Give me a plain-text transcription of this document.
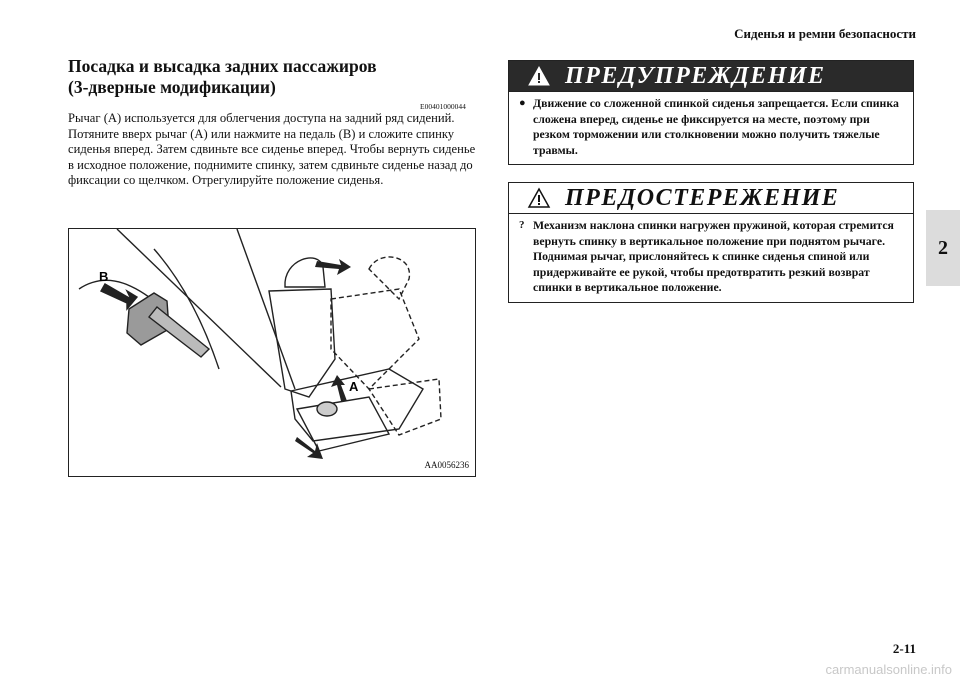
Сиденья и ремни безопасности
2
Посадка и высадка задних пассажиров
(3-дверные модификации)
E00401000044

Рычаг (A) используется для облегчения доступа на задний ряд сидений.

Потяните вверх рычаг (A) или нажмите на педаль (B) и сложите спинку сиденья вперед. Затем сдвиньте все сиденье вперед. Чтобы вернуть сиденье в исходное положение, поднимите спинку, затем сдвиньте сиденье назад до фиксации со щелчком. Отрегулируйте положение сиденья.

B
A
AA0056236
ПРЕДУПРЕЖДЕНИЕ
● Движение со сложенной спинкой сиденья запрещается. Если спинка сложена вперед, сиденье не фиксируется на месте, поэтому при резком торможении или столкновении можно получить тяжелые травмы.
ПРЕДОСТЕРЕЖЕНИЕ
? Механизм наклона спинки нагружен пружиной, которая стремится вернуть спинку в вертикальное положение при поднятом рычаге. Поднимая рычаг, прислоняйтесь к спинке сиденья спиной или придерживайте ее рукой, чтобы предотвратить резкий возврат спинки в вертикальное положение.
2-11
carmanualsonline.info
